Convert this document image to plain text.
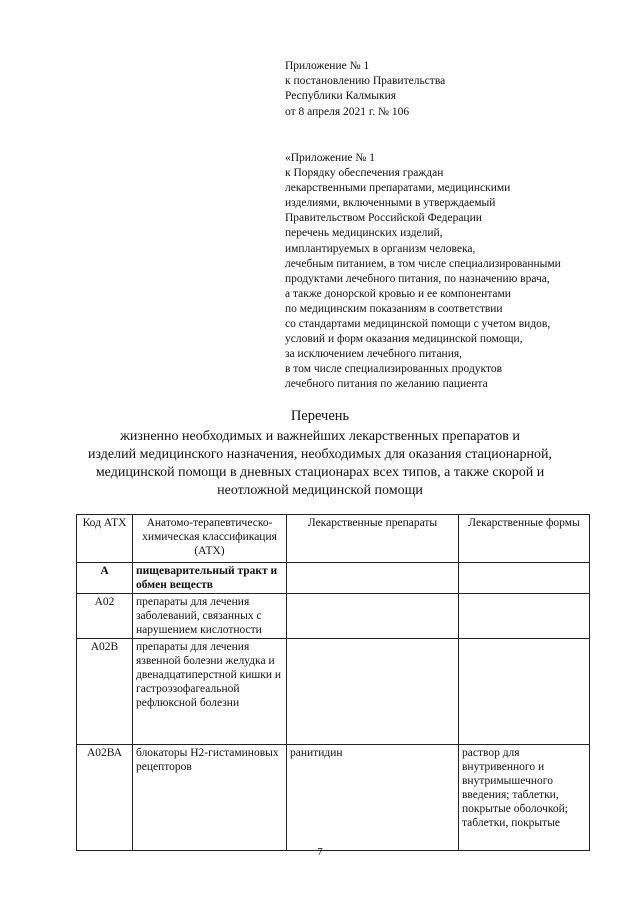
Приложение № 1
к постановлению Правительства
Республики Калмыкия
от 8 апреля 2021 г. № 106
«Приложение № 1
к Порядку обеспечения граждан
лекарственными препаратами, медицинскими
изделиями, включенными в утверждаемый
Правительством Российской Федерации
перечень медицинских изделий,
имплантируемых в организм человека,
лечебным питанием, в том числе специализированными
продуктами лечебного питания, по назначению врача,
а также донорской кровью и ее компонентами
по медицинским показаниям в соответствии
со стандартами медицинской помощи с учетом видов,
условий и форм оказания медицинской помощи,
за исключением лечебного питания,
в том числе специализированных продуктов
лечебного питания по желанию пациента
Перечень
жизненно необходимых и важнейших лекарственных препаратов и
изделий медицинского назначения, необходимых для оказания стационарной,
медицинской помощи в дневных стационарах всех типов, а также скорой и
неотложной медицинской помощи
Код АТХ	Анатомо-терапевтическо-химическая классификация (АТХ)	Лекарственные препараты	Лекарственные формы
А	пищеварительный тракт и обмен веществ		
А02	препараты для лечения заболеваний, связанных с нарушением кислотности		
А02В	препараты для лечения язвенной болезни желудка и двенадцатиперстной кишки и гастроэзофагеальной рефлюксной болезни		
А02ВА	блокаторы Н2-гистаминовых рецепторов	ранитидин	раствор для внутривенного и внутримышечного введения; таблетки, покрытые оболочкой; таблетки, покрытые
7
